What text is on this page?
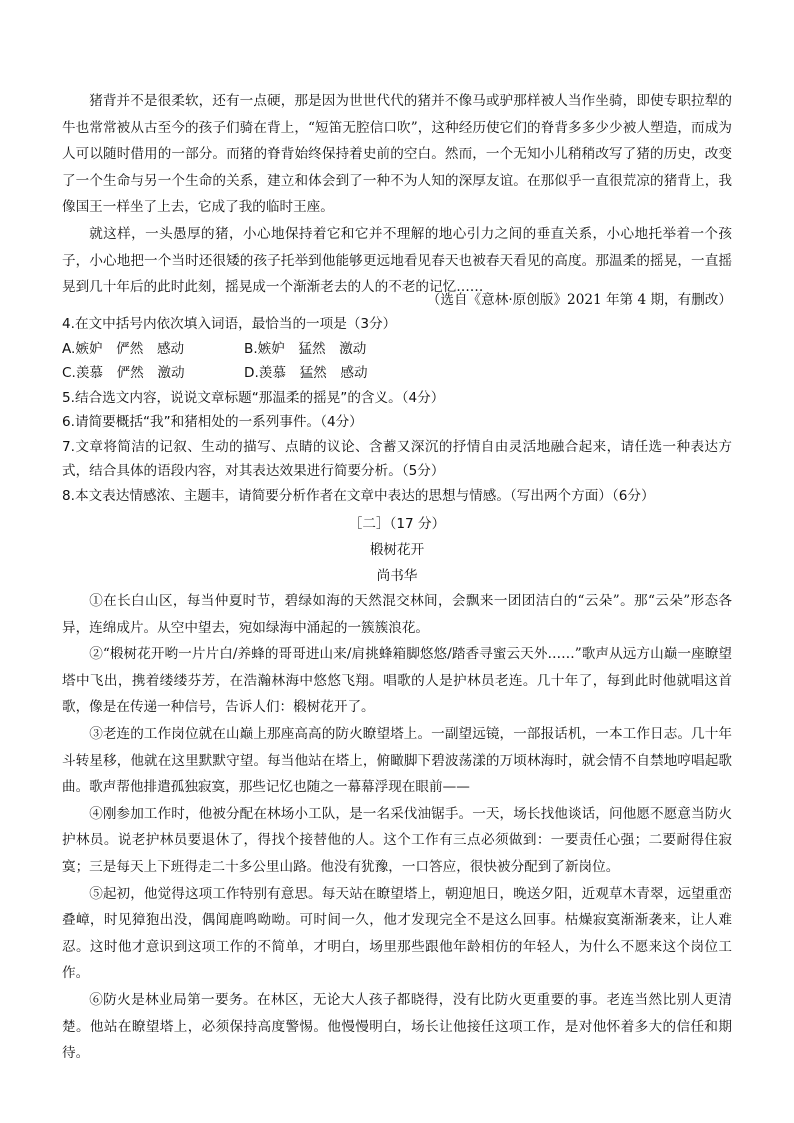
猪背并不是很柔软，还有一点硬，那是因为世世代代的猪并不像马或驴那样被人当作坐骑，即使专职拉犁的牛也常常被从古至今的孩子们骑在背上，“短笛无腔信口吹”，这种经历使它们的脊背多多少少被人塑造，而成为人可以随时借用的一部分。而猪的脊背始终保持着史前的空白。然而，一个无知小儿稍稍改写了猪的历史，改变了一个生命与另一个生命的关系，建立和体会到了一种不为人知的深厚友谊。在那似乎一直很荒凉的猪背上，我像国王一样坐了上去，它成了我的临时王座。

就这样，一头愚厚的猪，小心地保持着它和它并不理解的地心引力之间的垂直关系，小心地托举着一个孩子，小心地把一个当时还很矮的孩子托举到他能够更远地看见春天也被春天看见的高度。那温柔的摇晃，一直摇晃到几十年后的此时此刻，摇晃成一个渐渐老去的人的不老的记忆……

（选自《意林·原创版》2021 年第 4 期，有删改）

4.在文中括号内依次填入词语，最恰当的一项是（3分）

A.嫉妒　俨然　感动	B.嫉妒　猛然　激动
C.羡慕　俨然　激动	D.羡慕　猛然　感动

5.结合选文内容，说说文章标题“那温柔的摇晃”的含义。（4分）

6.请简要概括“我”和猪相处的一系列事件。（4分）

7.文章将简洁的记叙、生动的描写、点睛的议论、含蓄又深沉的抒情自由灵活地融合起来，请任选一种表达方式，结合具体的语段内容，对其表达效果进行简要分析。（5分）

8.本文表达情感浓、主题丰，请简要分析作者在文章中表达的思想与情感。（写出两个方面）（6分）

［二］（17 分）

椴树花开

尚书华

①在长白山区，每当仲夏时节，碧绿如海的天然混交林间，会飘来一团团洁白的“云朵”。那“云朵”形态各异，连绵成片。从空中望去，宛如绿海中涌起的一簇簇浪花。

②“椴树花开哟一片片白/养蜂的哥哥进山来/肩挑蜂箱脚悠悠/踏香寻蜜云天外……”歌声从远方山巅一座瞭望塔中飞出，携着缕缕芬芳，在浩瀚林海中悠悠飞翔。唱歌的人是护林员老连。几十年了，每到此时他就唱这首歌，像是在传递一种信号，告诉人们：椴树花开了。

③老连的工作岗位就在山巅上那座高高的防火瞭望塔上。一副望远镜，一部报话机，一本工作日志。几十年斗转星移，他就在这里默默守望。每当他站在塔上，俯瞰脚下碧波荡漾的万顷林海时，就会情不自禁地哼唱起歌曲。歌声帮他排遣孤独寂寞，那些记忆也随之一幕幕浮现在眼前——

④刚参加工作时，他被分配在林场小工队，是一名采伐油锯手。一天，场长找他谈话，问他愿不愿意当防火护林员。说老护林员要退休了，得找个接替他的人。这个工作有三点必须做到：一要责任心强；二要耐得住寂寞；三是每天上下班得走二十多公里山路。他没有犹豫，一口答应，很快被分配到了新岗位。

⑤起初，他觉得这项工作特别有意思。每天站在瞭望塔上，朝迎旭日，晚送夕阳，近观草木青翠，远望重峦叠嶂，时见獐狍出没，偶闻鹿鸣呦呦。可时间一久，他才发现完全不是这么回事。枯燥寂寞渐渐袭来，让人难忍。这时他才意识到这项工作的不简单，才明白，场里那些跟他年龄相仿的年轻人，为什么不愿来这个岗位工作。

⑥防火是林业局第一要务。在林区，无论大人孩子都晓得，没有比防火更重要的事。老连当然比别人更清楚。他站在瞭望塔上，必须保持高度警惕。他慢慢明白，场长让他接任这项工作，是对他怀着多大的信任和期待。
